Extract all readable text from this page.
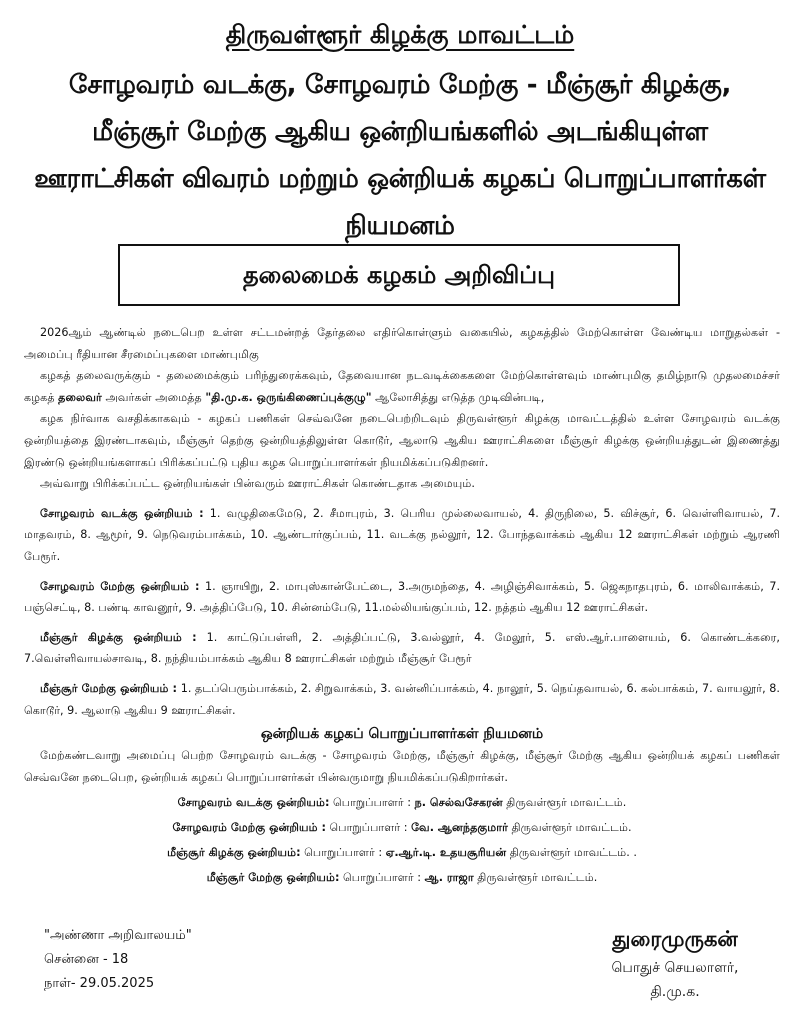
திருவள்ளூர் கிழக்கு மாவட்டம்
சோழவரம் வடக்கு, சோழவரம் மேற்கு - மீஞ்சூர் கிழக்கு, மீஞ்சூர் மேற்கு ஆகிய ஒன்றியங்களில் அடங்கியுள்ள ஊராட்சிகள் விவரம் மற்றும் ஒன்றியக் கழகப் பொறுப்பாளர்கள் நியமனம்
தலைமைக் கழகம் அறிவிப்பு

2026ஆம் ஆண்டில் நடைபெற உள்ள சட்டமன்றத் தேர்தலை எதிர்கொள்ளும் வகையில், கழகத்தில் மேற்கொள்ள வேண்டிய மாறுதல்கள் - அமைப்பு ரீதியான சீரமைப்புகளை மாண்புமிகு

கழகத் தலைவருக்கும் - தலைமைக்கும் பரிந்துரைக்கவும், தேவையான நடவடிக்கைகளை மேற்கொள்ளவும் மாண்புமிகு தமிழ்நாடு முதலமைச்சர் கழகத் தலைவர் அவர்கள் அமைத்த "தி.மு.க. ஒருங்கிணைப்புக்குழு" ஆலோசித்து எடுத்த முடிவின்படி,

கழக நிர்வாக வசதிக்காகவும் - கழகப் பணிகள் செவ்வனே நடைபெற்றிடவும் திருவள்ளூர் கிழக்கு மாவட்டத்தில் உள்ள சோழவரம் வடக்கு ஒன்றியத்தை இரண்டாகவும், மீஞ்சூர் தெற்கு ஒன்றியத்திலுள்ள கொடூர், ஆலாடு ஆகிய ஊராட்சிகளை மீஞ்சூர் கிழக்கு ஒன்றியத்துடன் இணைத்து இரண்டு ஒன்றியங்களாகப் பிரிக்கப்பட்டு புதிய கழக பொறுப்பாளர்கள் நியமிக்கப்படுகிறனர்.

அவ்வாறு பிரிக்கப்பட்ட ஒன்றியங்கள் பின்வரும் ஊராட்சிகள் கொண்டதாக அமையும்.

சோழவரம் வடக்கு ஒன்றியம் : 1. வழுதிகைமேடு, 2. சீமாபுரம், 3. பெரிய முல்லைவாயல், 4. திருநிலை, 5. விச்சூர், 6. வெள்ளிவாயல், 7. மாதவரம், 8. ஆமூர், 9. நெடுவரம்பாக்கம், 10. ஆண்டார்குப்பம், 11. வடக்கு நல்லூர், 12. போந்தவாக்கம் ஆகிய 12 ஊராட்சிகள் மற்றும் ஆரணி பேரூர்.

சோழவரம் மேற்கு ஒன்றியம் : 1. ஞாயிறு, 2. மாபுஸ்கான்பேட்டை, 3.அருமந்தை, 4. அழிஞ்சிவாக்கம், 5. ஜெகநாதபுரம், 6. மாலிவாக்கம், 7. பஞ்செட்டி, 8. பண்டி காவனூர், 9. அத்திப்பேடு, 10. சின்னம்பேடு, 11.மல்லியங்குப்பம், 12. நத்தம் ஆகிய 12 ஊராட்சிகள்.

மீஞ்சூர் கிழக்கு ஒன்றியம் : 1. காட்டுப்பள்ளி, 2. அத்திப்பட்டு, 3.வல்லூர், 4. மேலூர், 5. எஸ்.ஆர்.பாளையம், 6. கொண்டக்கரை, 7.வெள்ளிவாயல்சாவடி, 8. நந்தியம்பாக்கம் ஆகிய 8 ஊராட்சிகள் மற்றும் மீஞ்சூர் பேரூர்

மீஞ்சூர் மேற்கு ஒன்றியம் : 1. தடப்பெரும்பாக்கம், 2. சிறுவாக்கம், 3. வன்னிப்பாக்கம், 4. நாலூர், 5. நெய்தவாயல், 6. கல்பாக்கம், 7. வாயலூர், 8. கொடூர், 9. ஆலாடு ஆகிய 9 ஊராட்சிகள்.

ஒன்றியக் கழகப் பொறுப்பாளர்கள் நியமனம்

மேற்கண்டவாறு அமைப்பு பெற்ற சோழவரம் வடக்கு - சோழவரம் மேற்கு, மீஞ்சூர் கிழக்கு, மீஞ்சூர் மேற்கு ஆகிய ஒன்றியக் கழகப் பணிகள் செவ்வனே நடைபெற, ஒன்றியக் கழகப் பொறுப்பாளர்கள் பின்வருமாறு நியமிக்கப்படுகிறார்கள்.

சோழவரம் வடக்கு ஒன்றியம்: பொறுப்பாளர் : ந. செல்வசேகரன் திருவள்ளூர் மாவட்டம்.
சோழவரம் மேற்கு ஒன்றியம் : பொறுப்பாளர் : வே. ஆனந்தகுமார் திருவள்ளூர் மாவட்டம்.
மீஞ்சூர் கிழக்கு ஒன்றியம்: பொறுப்பாளர் : ஏ.ஆர்.டி. உதயசூரியன் திருவள்ளூர் மாவட்டம். .
மீஞ்சூர் மேற்கு ஒன்றியம்: பொறுப்பாளர் : ஆ. ராஜா திருவள்ளூர் மாவட்டம்.
"அண்ணா அறிவாலயம்"
சென்னை - 18
நாள்- 29.05.2025
துரைமுருகன்
பொதுச் செயலாளர்,
தி.மு.க.
